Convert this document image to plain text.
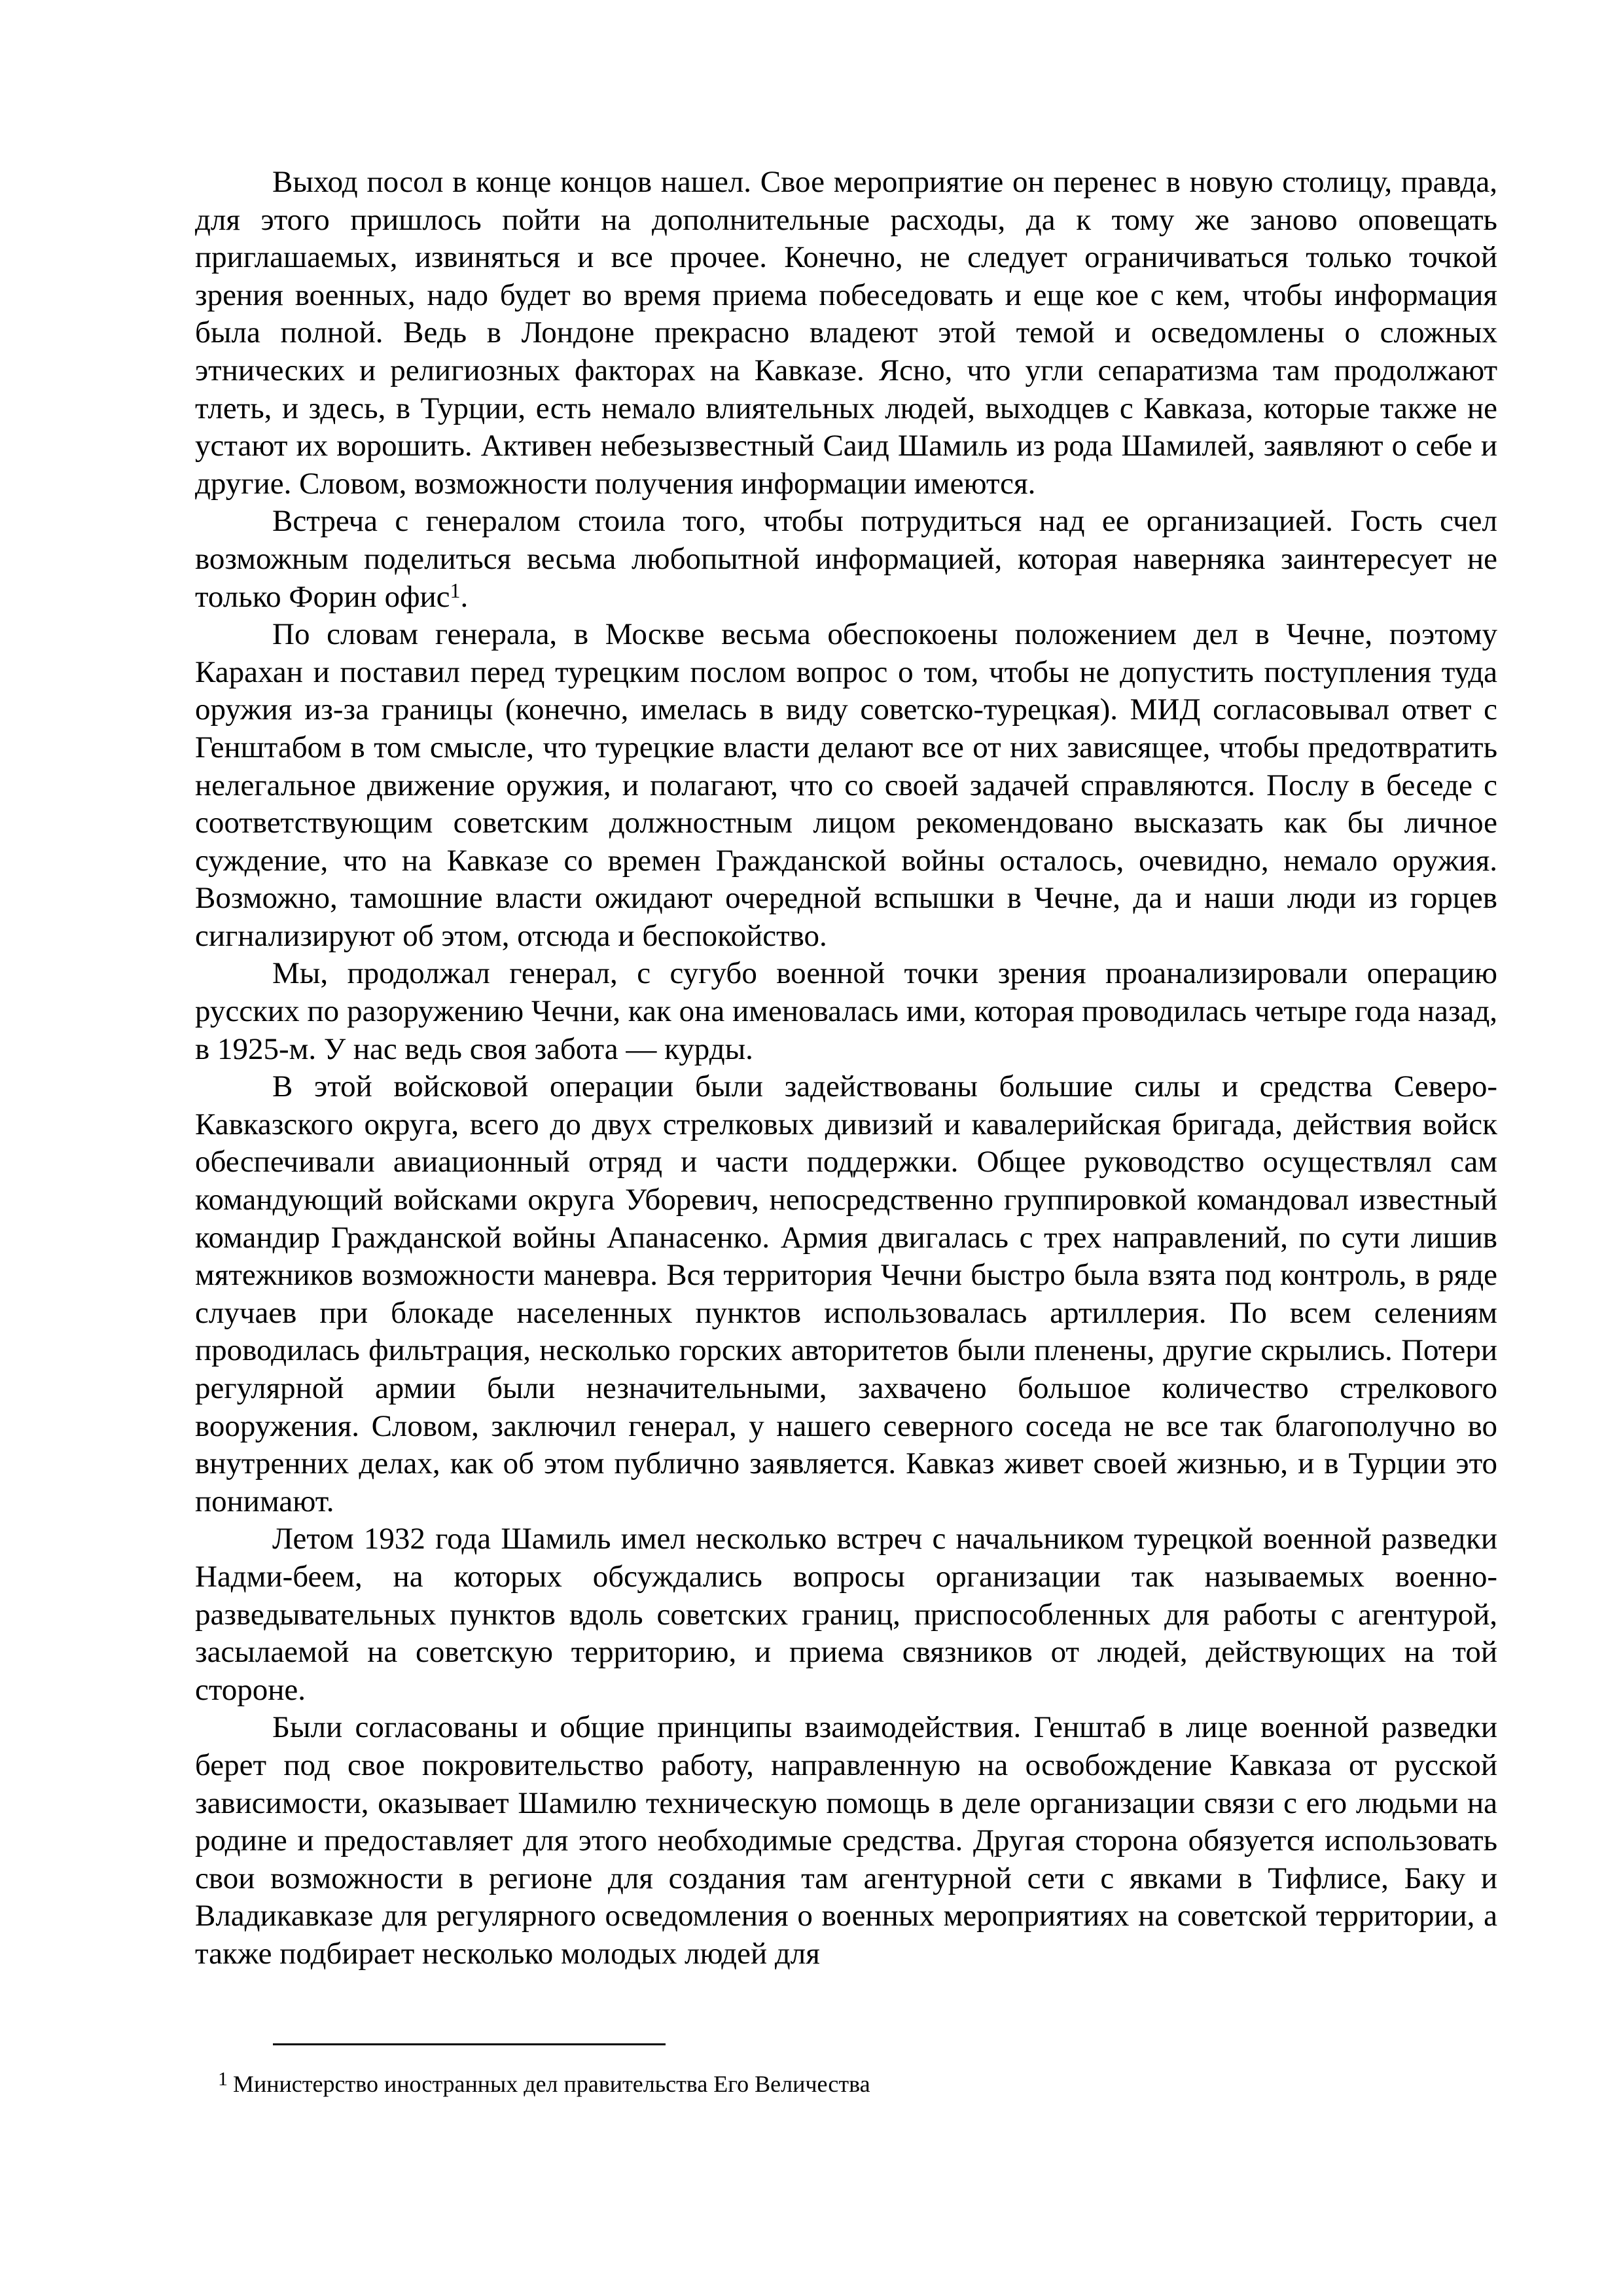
Выход посол в конце концов нашел. Свое мероприятие он перенес в новую столицу, правда, для этого пришлось пойти на дополнительные расходы, да к тому же заново оповещать приглашаемых, извиняться и все прочее. Конечно, не следует ограничиваться только точкой зрения военных, надо будет во время приема побеседовать и еще кое с кем, чтобы информация была полной. Ведь в Лондоне прекрасно владеют этой темой и осведомлены о сложных этнических и религиозных факторах на Кавказе. Ясно, что угли сепаратизма там продолжают тлеть, и здесь, в Турции, есть немало влиятельных людей, выходцев с Кавказа, которые также не устают их ворошить. Активен небезызвестный Саид Шамиль из рода Шамилей, заявляют о себе и другие. Словом, возможности получения информации имеются.

Встреча с генералом стоила того, чтобы потрудиться над ее организацией. Гость счел возможным поделиться весьма любопытной информацией, которая наверняка заинтересует не только Форин офис$^1$.

По словам генерала, в Москве весьма обеспокоены положением дел в Чечне, поэтому Карахан и поставил перед турецким послом вопрос о том, чтобы не допустить поступления туда оружия из-за границы (конечно, имелась в виду советско-турецкая). МИД согласовывал ответ с Генштабом в том смысле, что турецкие власти делают все от них зависящее, чтобы предотвратить нелегальное движение оружия, и полагают, что со своей задачей справляются. Послу в беседе с соответствующим советским должностным лицом рекомендовано высказать как бы личное суждение, что на Кавказе со времен Гражданской войны осталось, очевидно, немало оружия. Возможно, тамошние власти ожидают очередной вспышки в Чечне, да и наши люди из горцев сигнализируют об этом, отсюда и беспокойство.

Мы, продолжал генерал, с сугубо военной точки зрения проанализировали операцию русских по разоружению Чечни, как она именовалась ими, которая проводилась четыре года назад, в 1925-м. У нас ведь своя забота — курды.

В этой войсковой операции были задействованы большие силы и средства Северо-Кавказского округа, всего до двух стрелковых дивизий и кавалерийская бригада, действия войск обеспечивали авиационный отряд и части поддержки. Общее руководство осуществлял сам командующий войсками округа Уборевич, непосредственно группировкой командовал известный командир Гражданской войны Апанасенко. Армия двигалась с трех направлений, по сути лишив мятежников возможности маневра. Вся территория Чечни быстро была взята под контроль, в ряде случаев при блокаде населенных пунктов использовалась артиллерия. По всем селениям проводилась фильтрация, несколько горских авторитетов были пленены, другие скрылись. Потери регулярной армии были незначительными, захвачено большое количество стрелкового вооружения. Словом, заключил генерал, у нашего северного соседа не все так благополучно во внутренних делах, как об этом публично заявляется. Кавказ живет своей жизнью, и в Турции это понимают.

Летом 1932 года Шамиль имел несколько встреч с начальником турецкой военной разведки Надми-беем, на которых обсуждались вопросы организации так называемых военно-разведывательных пунктов вдоль советских границ, приспособленных для работы с агентурой, засылаемой на советскую территорию, и приема связников от людей, действующих на той стороне.

Были согласованы и общие принципы взаимодействия. Генштаб в лице военной разведки берет под свое покровительство работу, направленную на освобождение Кавказа от русской зависимости, оказывает Шамилю техническую помощь в деле организации связи с его людьми на родине и предоставляет для этого необходимые средства. Другая сторона обязуется использовать свои возможности в регионе для создания там агентурной сети с явками в Тифлисе, Баку и Владикавказе для регулярного осведомления о военных мероприятиях на советской территории, а также подбирает несколько молодых людей для

$^1$ Министерство иностранных дел правительства Его Величества
